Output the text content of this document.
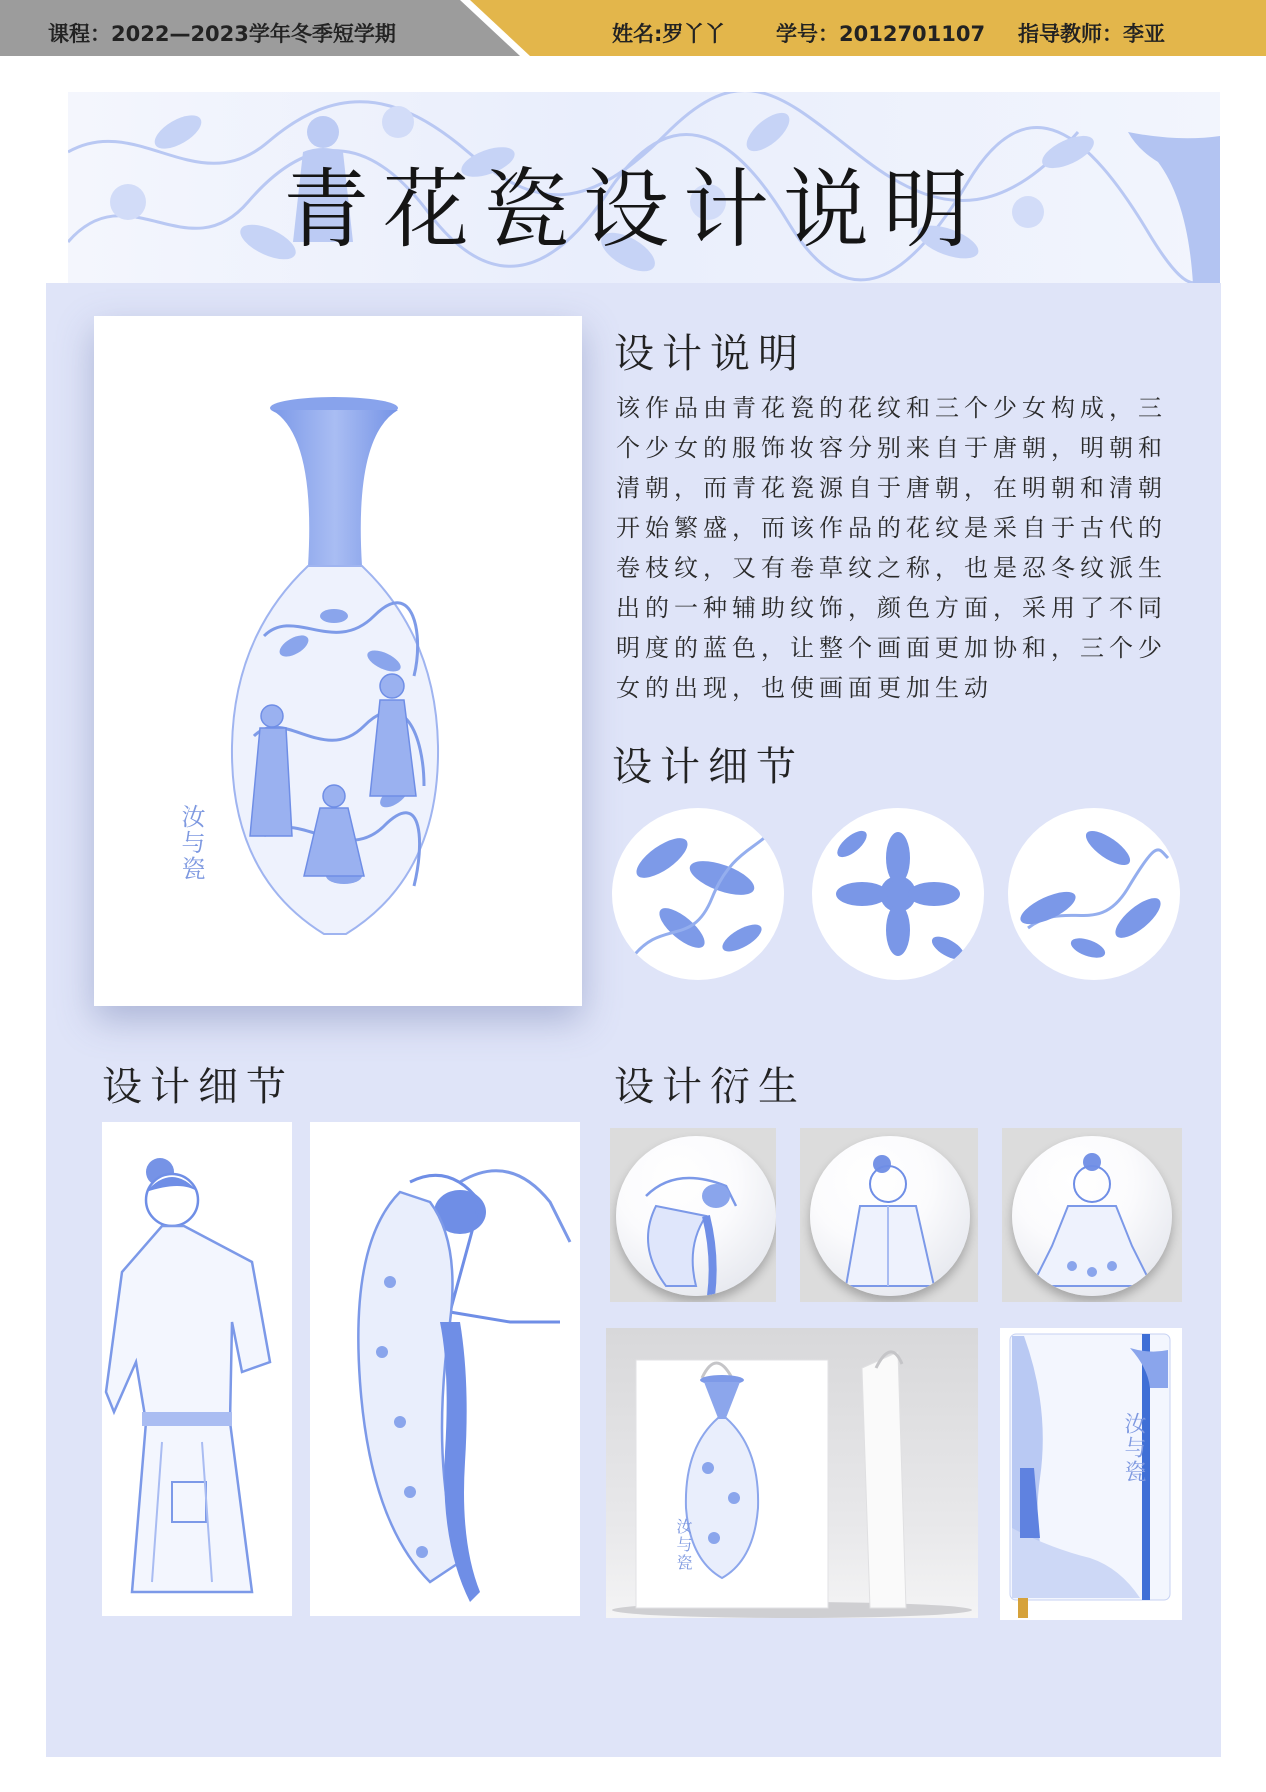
课程：2022—2023学年冬季短学期	姓名:罗丫丫 学号：2012701107 指导教师：李亚
青花瓷设计说明
汝与瓷
设计说明

该作品由青花瓷的花纹和三个少女构成，三个少女的服饰妆容分别来自于唐朝，明朝和清朝，而青花瓷源自于唐朝，在明朝和清朝开始繁盛，而该作品的花纹是采自于古代的卷枝纹，又有卷草纹之称，也是忍冬纹派生出的一种辅助纹饰，颜色方面，采用了不同明度的蓝色，让整个画面更加协和，三个少女的出现，也使画面更加生动

设计细节
设计细节	设计衍生
汝与瓷
汝与瓷
